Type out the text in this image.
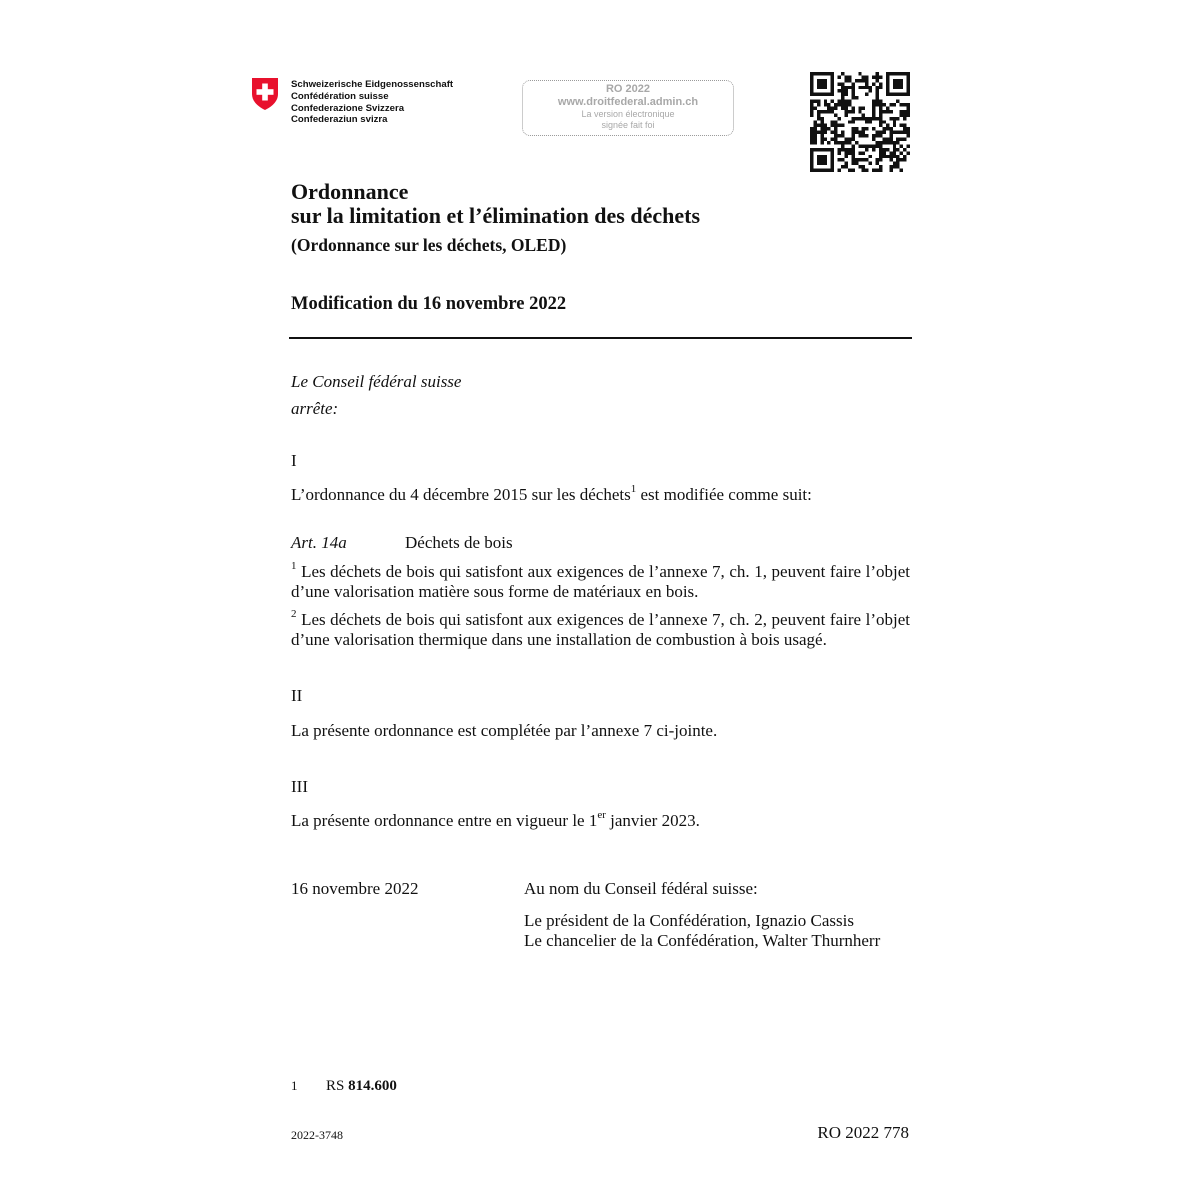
Schweizerische Eidgenossenschaft
Confédération suisse
Confederazione Svizzera
Confederaziun svizra
RO 2022
www.droitfederal.admin.ch
La version électronique
signée fait foi
Ordonnance
sur la limitation et l’élimination des déchets
(Ordonnance sur les déchets, OLED)
Modification du 16 novembre 2022
Le Conseil fédéral suisse
arrête:
I
L’ordonnance du 4 décembre 2015 sur les déchets$^1$ est modifiée comme suit:
Art. 14a	Déchets de bois
$^1$ Les déchets de bois qui satisfont aux exigences de l’annexe 7, ch. 1, peuvent faire l’objet d’une valorisation matière sous forme de matériaux en bois.
$^2$ Les déchets de bois qui satisfont aux exigences de l’annexe 7, ch. 2, peuvent faire l’objet d’une valorisation thermique dans une installation de combustion à bois usagé.
II
La présente ordonnance est complétée par l’annexe 7 ci-jointe.
III
La présente ordonnance entre en vigueur le 1er janvier 2023.
16 novembre 2022	Au nom du Conseil fédéral suisse:
Le président de la Confédération, Ignazio Cassis
Le chancelier de la Confédération, Walter Thurnherr
1 RS 814.600
2022-3748	RO 2022 778
